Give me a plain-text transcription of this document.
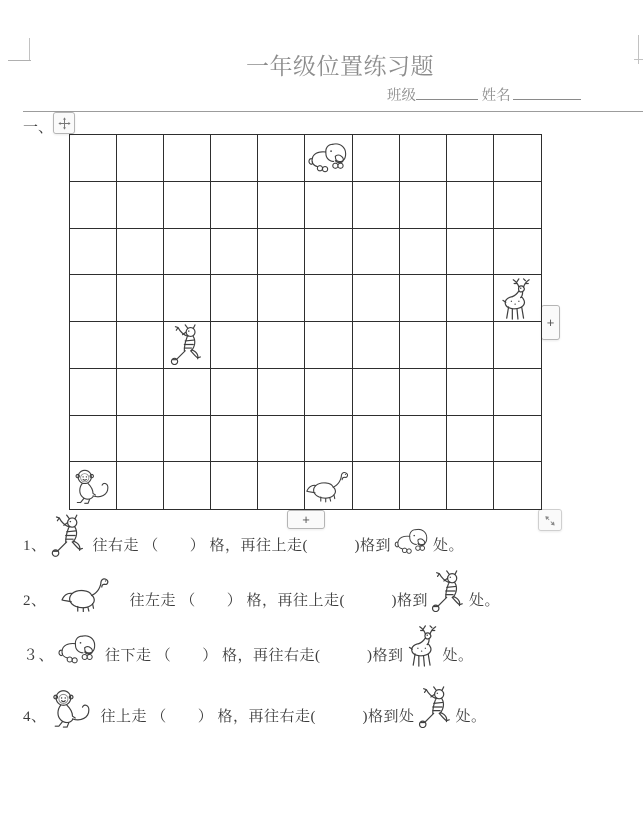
一年级位置练习题
班级	姓名
一、
+
+
1、	往右走 （　　） 格，再往上走(　　　)格到	处。
2、	往左走 （　　） 格，再往上走(　　　)格到	处。
３、	往下走 （　　） 格，再往右走(　　　)格到	处。
4、	往上走 （　　） 格，再往右走(　　　)格到处	处。
